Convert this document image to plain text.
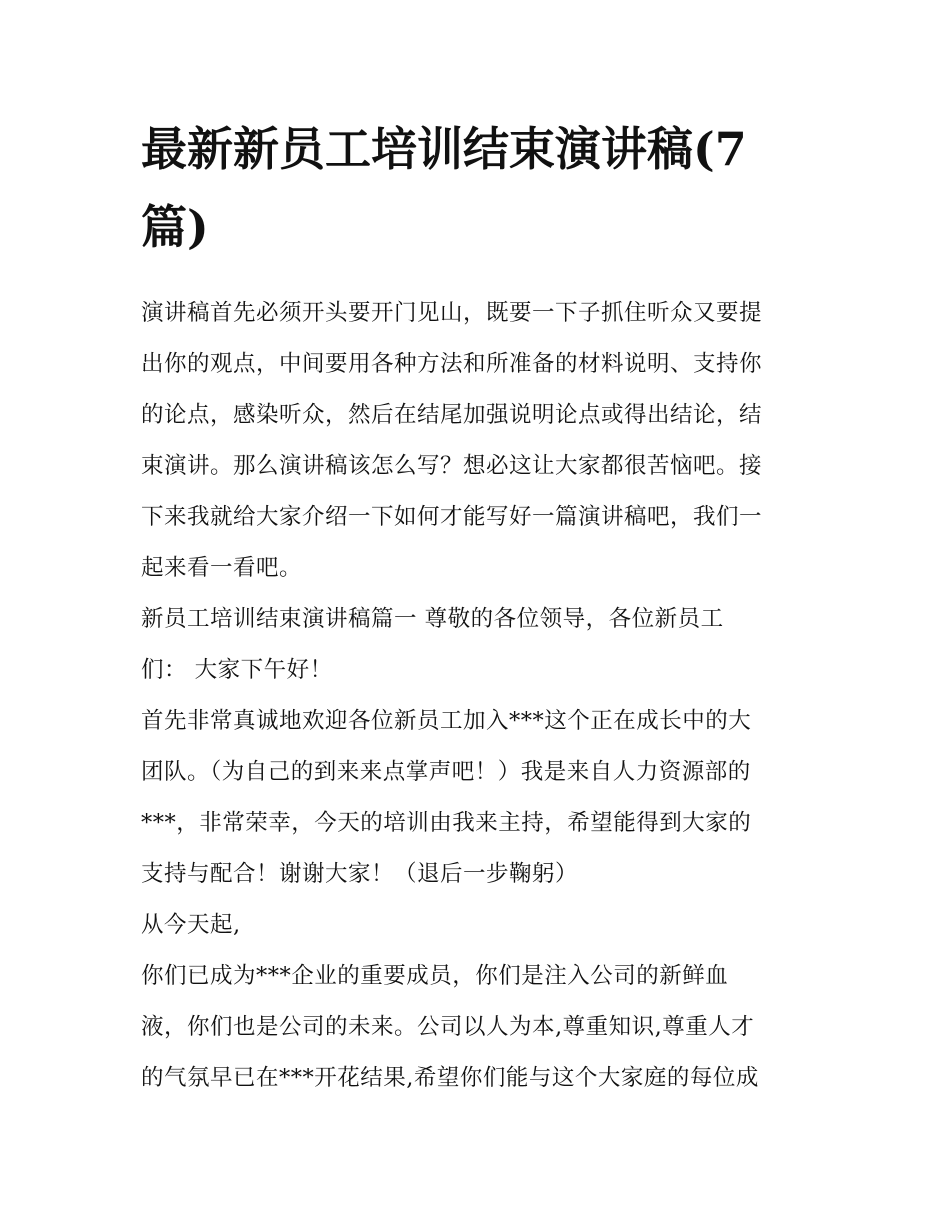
最新新员工培训结束演讲稿(7
篇)
演讲稿首先必须开头要开门见山，既要一下子抓住听众又要提
出你的观点，中间要用各种方法和所准备的材料说明、支持你
的论点，感染听众，然后在结尾加强说明论点或得出结论，结
束演讲。那么演讲稿该怎么写？想必这让大家都很苦恼吧。接
下来我就给大家介绍一下如何才能写好一篇演讲稿吧，我们一
起来看一看吧。
新员工培训结束演讲稿篇一 尊敬的各位领导，各位新员工
们： 大家下午好！
首先非常真诚地欢迎各位新员工加入***这个正在成长中的大
团队。（为自己的到来来点掌声吧！）我是来自人力资源部的
***，非常荣幸，今天的培训由我来主持，希望能得到大家的
支持与配合！谢谢大家！（退后一步鞠躬）
从今天起,
你们已成为***企业的重要成员，你们是注入公司的新鲜血
液，你们也是公司的未来。公司以人为本,尊重知识,尊重人才
的气氛早已在***开花结果,希望你们能与这个大家庭的每位成
